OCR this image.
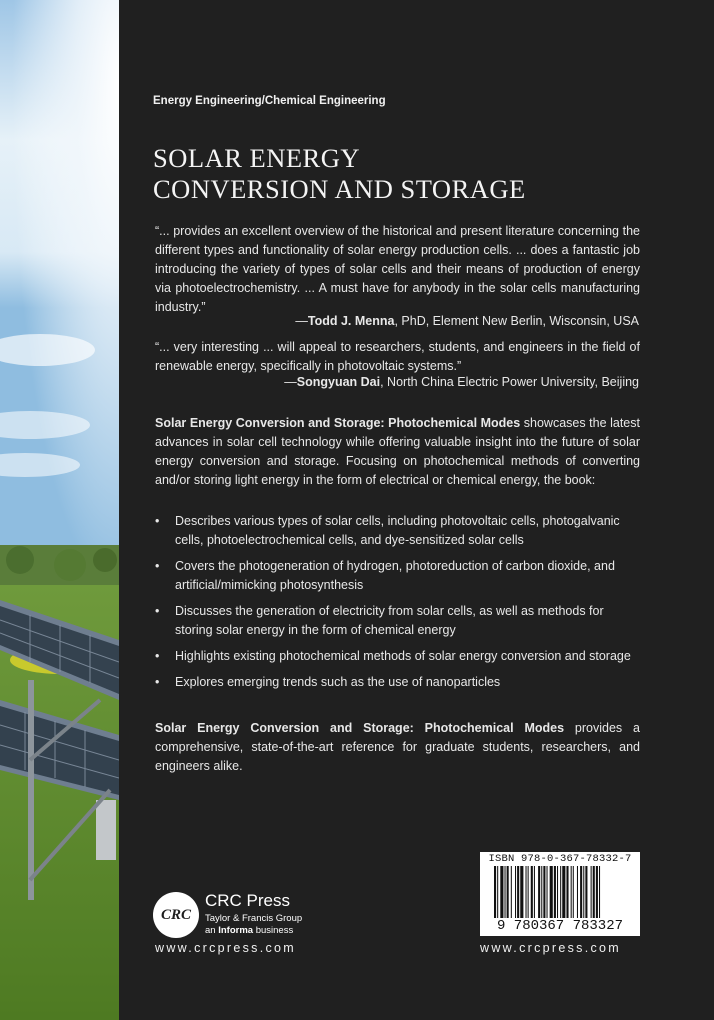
Energy Engineering/Chemical Engineering
SOLAR ENERGY
CONVERSION AND STORAGE
“... provides an excellent overview of the historical and present literature concerning the different types and functionality of solar energy production cells. ... does a fantastic job introducing the variety of types of solar cells and their means of production of energy via photoelectrochemistry. ... A must have for anybody in the solar cells manufacturing industry.”
—Todd J. Menna, PhD, Element New Berlin, Wisconsin, USA
“... very interesting ... will appeal to researchers, students, and engineers in the field of renewable energy, specifically in photovoltaic systems.”
—Songyuan Dai, North China Electric Power University, Beijing
Solar Energy Conversion and Storage: Photochemical Modes showcases the latest advances in solar cell technology while offering valuable insight into the future of solar energy conversion and storage. Focusing on photochemical methods of converting and/or storing light energy in the form of electrical or chemical energy, the book:
• Describes various types of solar cells, including photovoltaic cells, photogalvanic cells, photoelectrochemical cells, and dye-sensitized solar cells
• Covers the photogeneration of hydrogen, photoreduction of carbon dioxide, and artificial/mimicking photosynthesis
• Discusses the generation of electricity from solar cells, as well as methods for storing solar energy in the form of chemical energy
• Highlights existing photochemical methods of solar energy conversion and storage
• Explores emerging trends such as the use of nanoparticles
Solar Energy Conversion and Storage: Photochemical Modes provides a comprehensive, state-of-the-art reference for graduate students, researchers, and engineers alike.
CRC
CRC Press
Taylor & Francis Group
an Informa business
www.crcpress.com
ISBN 978-0-367-78332-7
9 780367 783327
www.crcpress.com
